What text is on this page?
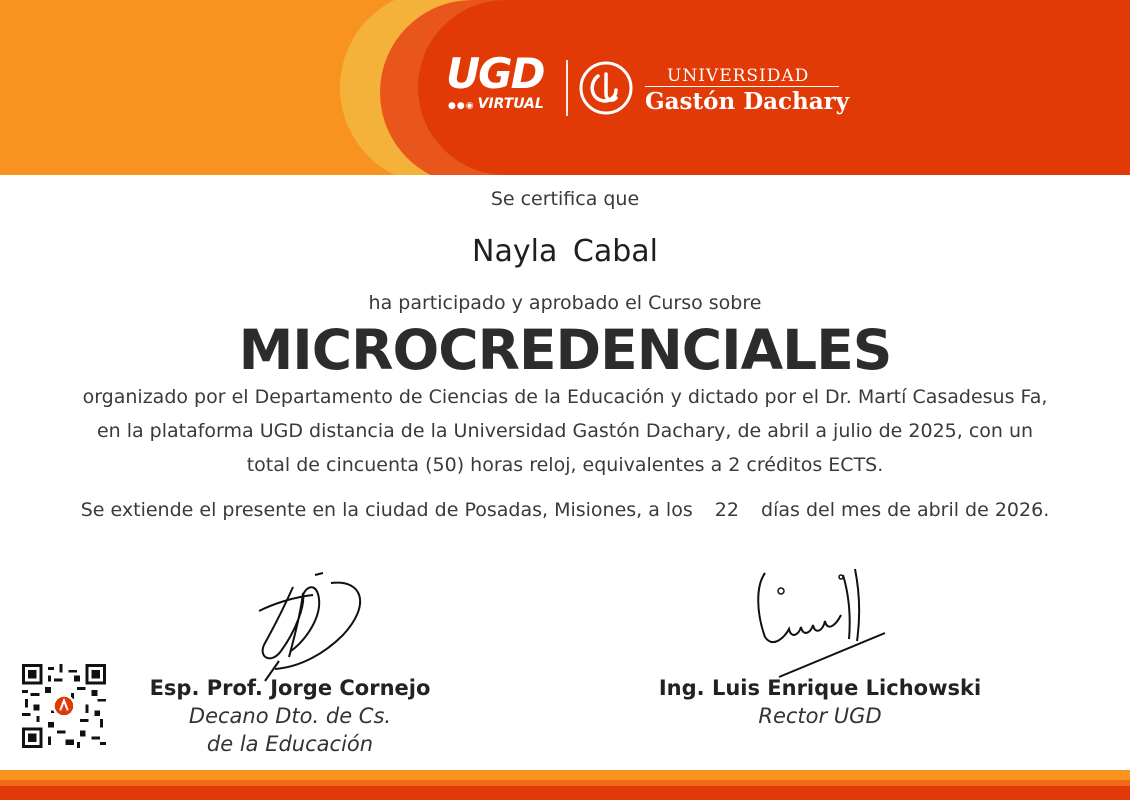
UGD
●●◉ VIRTUAL
UNIVERSIDAD
Gastón Dachary
Se certifica que
Nayla Cabal
ha participado y aprobado el Curso sobre
MICROCREDENCIALES
organizado por el Departamento de Ciencias de la Educación y dictado por el Dr. Martí Casadesus Fa, en la plataforma UGD distancia de la Universidad Gastón Dachary, de abril a julio de 2025, con un total de cincuenta (50) horas reloj, equivalentes a 2 créditos ECTS.
Se extiende el presente en la ciudad de Posadas, Misiones, a los 22 días del mes de abril de 2026.
Esp. Prof. Jorge Cornejo
Decano Dto. de Cs.
de la Educación
Ing. Luis Enrique Lichowski
Rector UGD
